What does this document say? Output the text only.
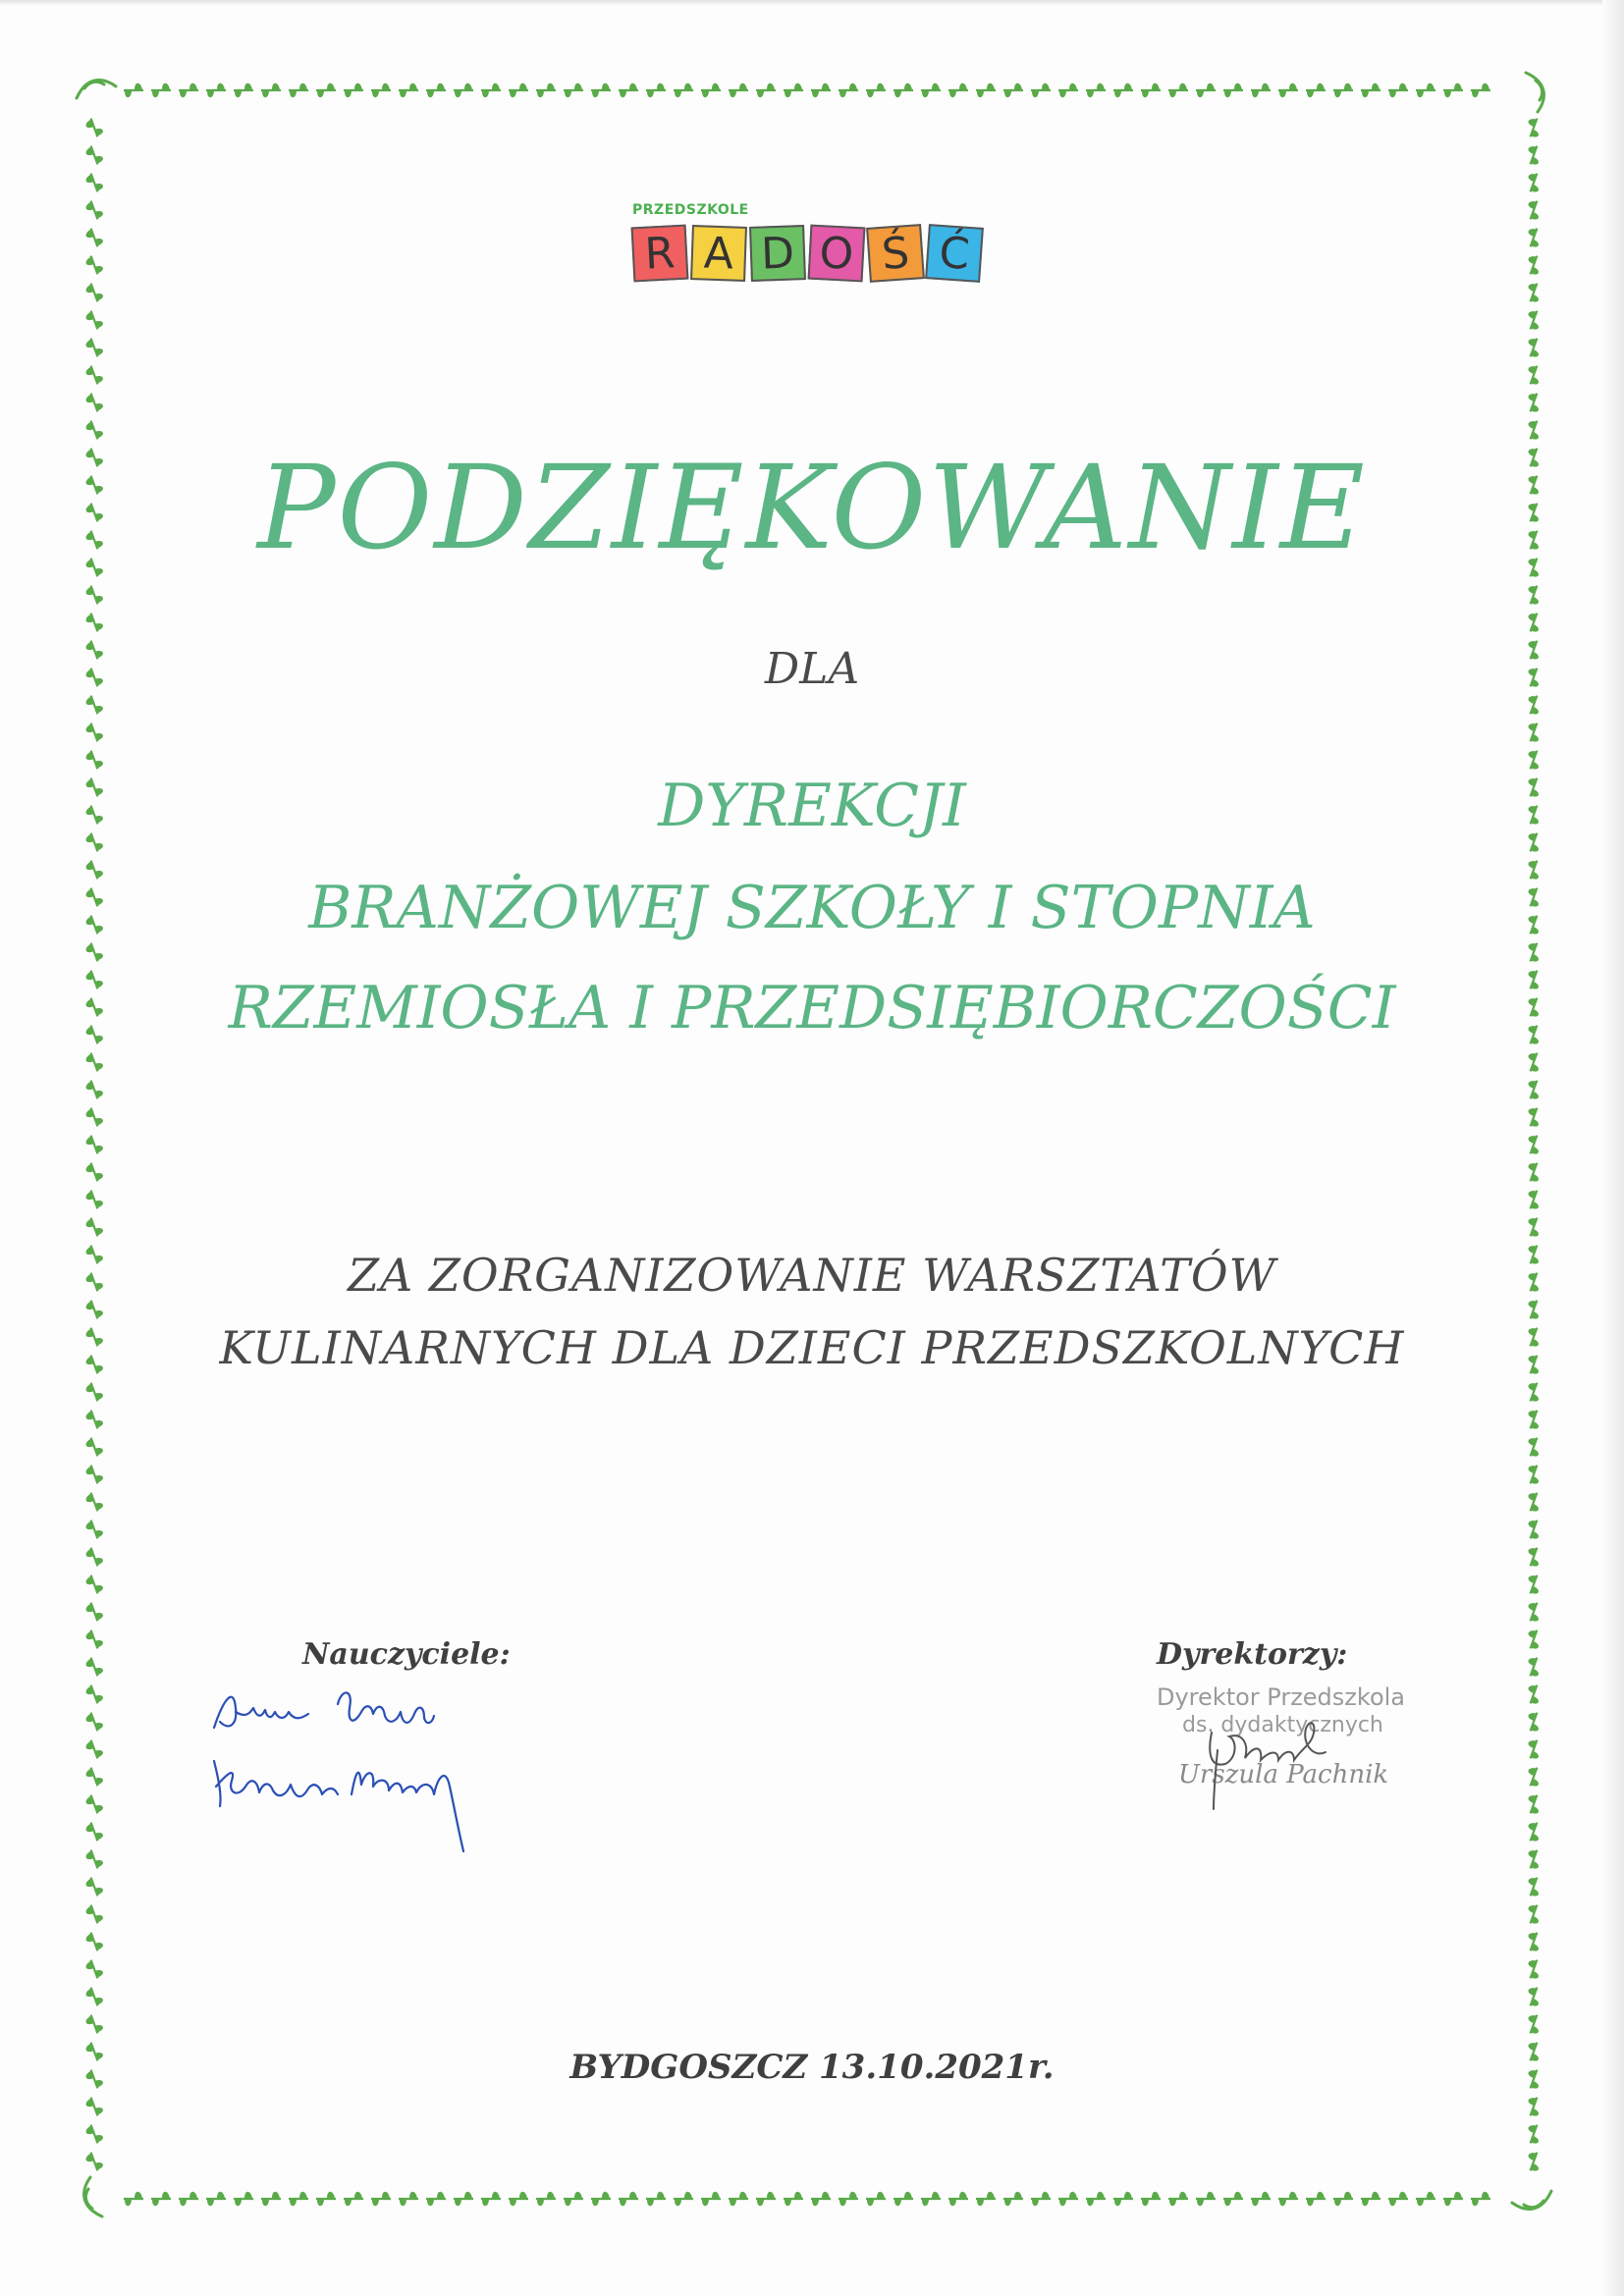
PRZEDSZKOLE
R A D O Ś Ć
PODZIĘKOWANIE
DLA
DYREKCJI
BRANŻOWEJ SZKOŁY I STOPNIA
RZEMIOSŁA I PRZEDSIĘBIORCZOŚCI
ZA ZORGANIZOWANIE WARSZTATÓW
KULINARNYCH DLA DZIECI PRZEDSZKOLNYCH
Nauczyciele:	Dyrektorzy:
Dyrektor Przedszkola
ds. dydaktycznych
Urszula Pachnik
BYDGOSZCZ 13.10.2021r.
